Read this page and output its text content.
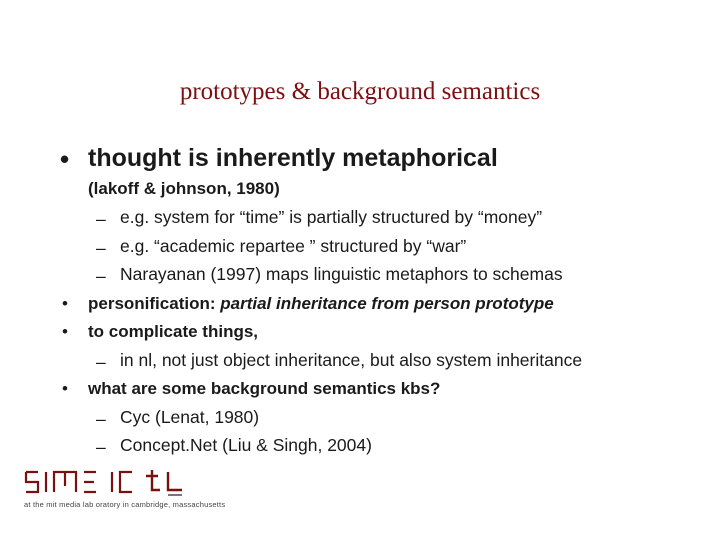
prototypes & background semantics
• thought is inherently metaphorical
(lakoff & johnson, 1980)
– e.g. system for “time” is partially structured by “money”
– e.g. “academic repartee ” structured by “war”
– Narayanan (1997) maps linguistic metaphors to schemas
• personification: partial inheritance from person prototype
• to complicate things,
– in nl, not just object inheritance, but also system inheritance
• what are some background semantics kbs?
– Cyc (Lenat, 1980)
– Concept.Net (Liu & Singh, 2004)
at the mit media lab oratory in cambridge, massachusetts
